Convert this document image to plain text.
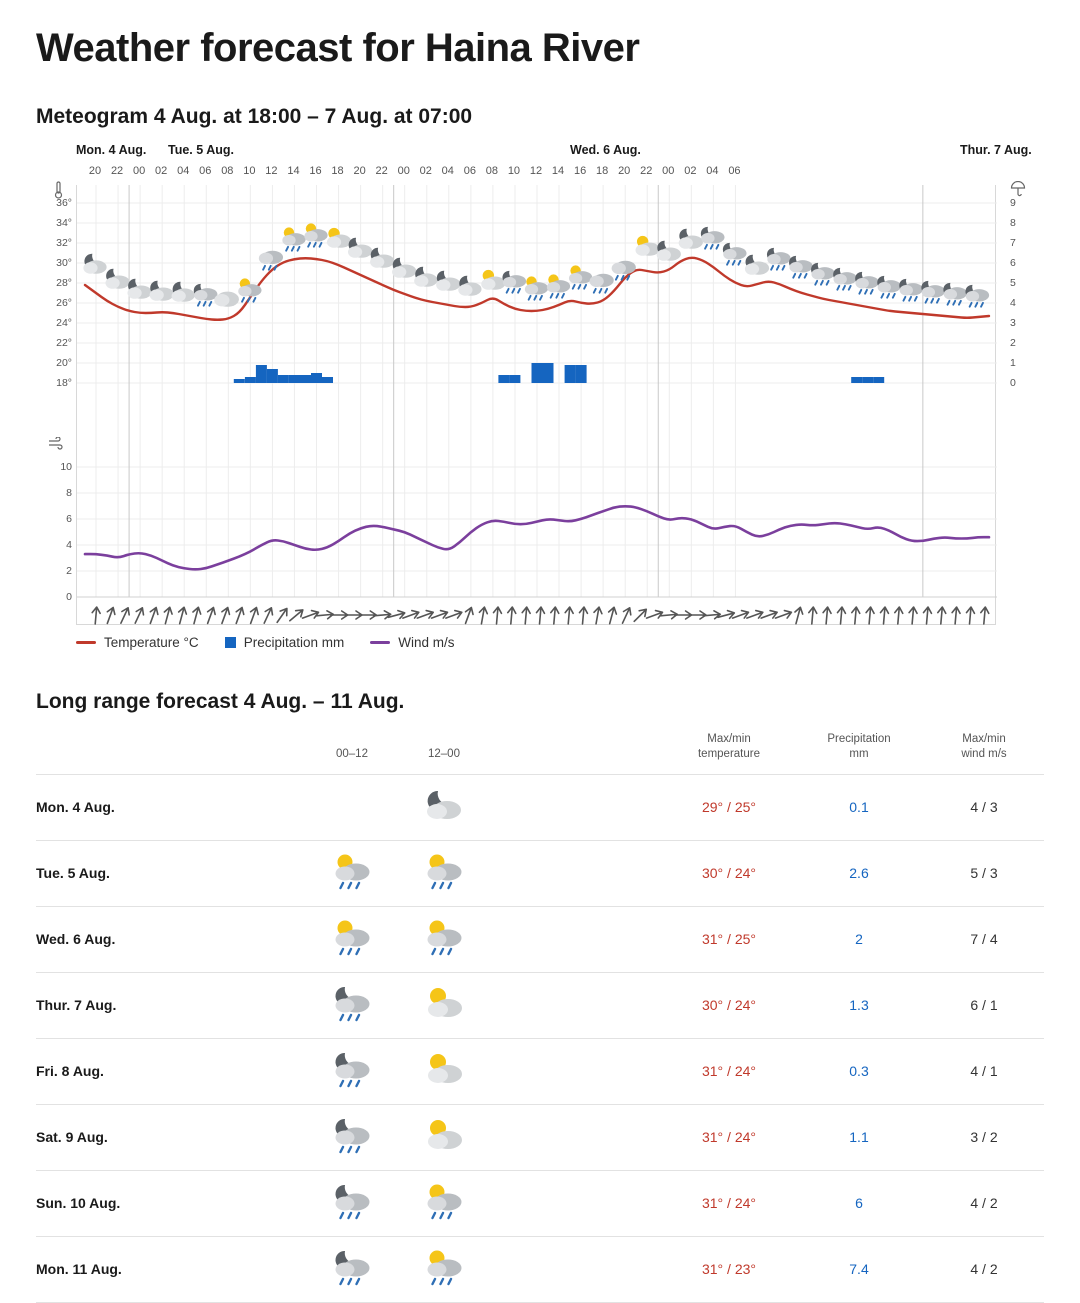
Weather forecast for Haina River
Meteogram 4 Aug. at 18:00 – 7 Aug. at 07:00
Mon. 4 Aug. Tue. 5 Aug.	Wed. 6 Aug.	Thur. 7 Aug.
20 22 00 02 04 06 08 10 12 14 16 18 20 22 00 02 04 06 08 10 12 14 16 18 20 22 00 02 04 06
36°
34°
32°
30°
28°
26°
24°
22°
20°
18°
10
8
6
4
2
0
9
8
7
6
5
4
3
2
1
0
Temperature °C	Precipitation mm	Wind m/s
Long range forecast 4 Aug. – 11 Aug.
	00–12	12–00		
Max/min
temperature

Precipitation
mm

Max/min
wind m/s

Mon. 4 Aug.				29° / 25°	0.1	4 / 3
Tue. 5 Aug.				30° / 24°	2.6	5 / 3
Wed. 6 Aug.				31° / 25°	2	7 / 4
Thur. 7 Aug.				30° / 24°	1.3	6 / 1
Fri. 8 Aug.				31° / 24°	0.3	4 / 1
Sat. 9 Aug.				31° / 24°	1.1	3 / 2
Sun. 10 Aug.				31° / 24°	6	4 / 2
Mon. 11 Aug.				31° / 23°	7.4	4 / 2
